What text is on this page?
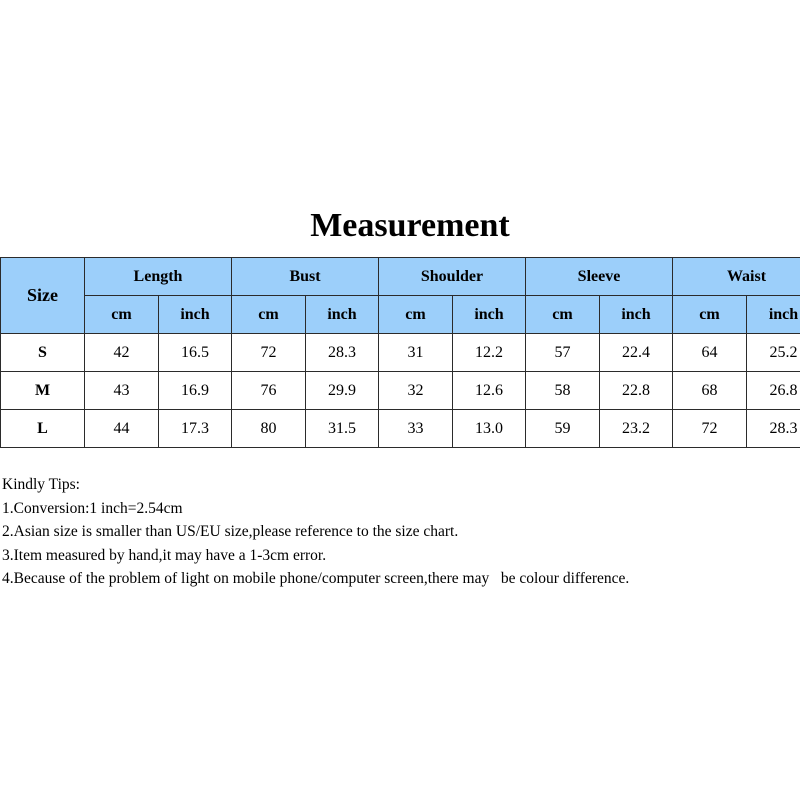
Measurement
Size	Length		Bust		Shoulder		Sleeve		Waist	
	cm	inch	cm	inch	cm	inch	cm	inch	cm	inch
S	42	16.5	72	28.3	31	12.2	57	22.4	64	25.2
M	43	16.9	76	29.9	32	12.6	58	22.8	68	26.8
L	44	17.3	80	31.5	33	13.0	59	23.2	72	28.3
Kindly Tips:
1.Conversion:1 inch=2.54cm
2.Asian size is smaller than US/EU size,please reference to the size chart.
3.Item measured by hand,it may have a 1-3cm error.
4.Because of the problem of light on mobile phone/computer screen,there may   be colour difference.
